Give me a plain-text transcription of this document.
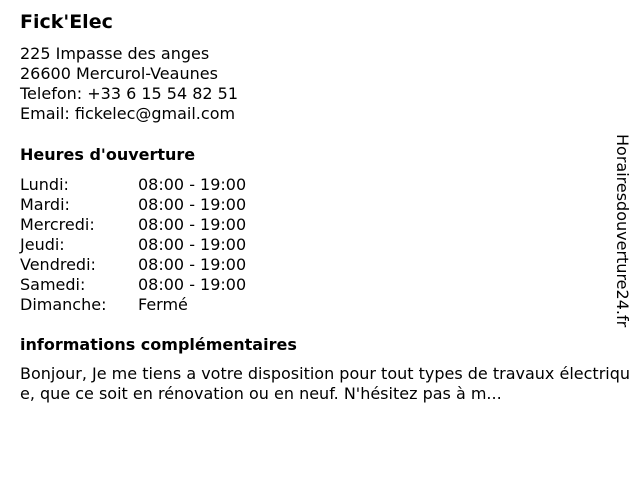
Fick'Elec
225 Impasse des anges
26600 Mercurol-Veaunes
Telefon: +33 6 15 54 82 51
Email: fickelec@gmail.com
Heures d'ouverture
Lundi:	08:00 - 19:00
Mardi:	08:00 - 19:00
Mercredi:	08:00 - 19:00
Jeudi:	08:00 - 19:00
Vendredi:	08:00 - 19:00
Samedi:	08:00 - 19:00
Dimanche:	Fermé
informations complémentaires
Bonjour, Je me tiens a votre disposition pour tout types de travaux électrique, que ce soit en rénovation ou en neuf. N'hésitez pas à m...
Horairesdouverture24.fr
